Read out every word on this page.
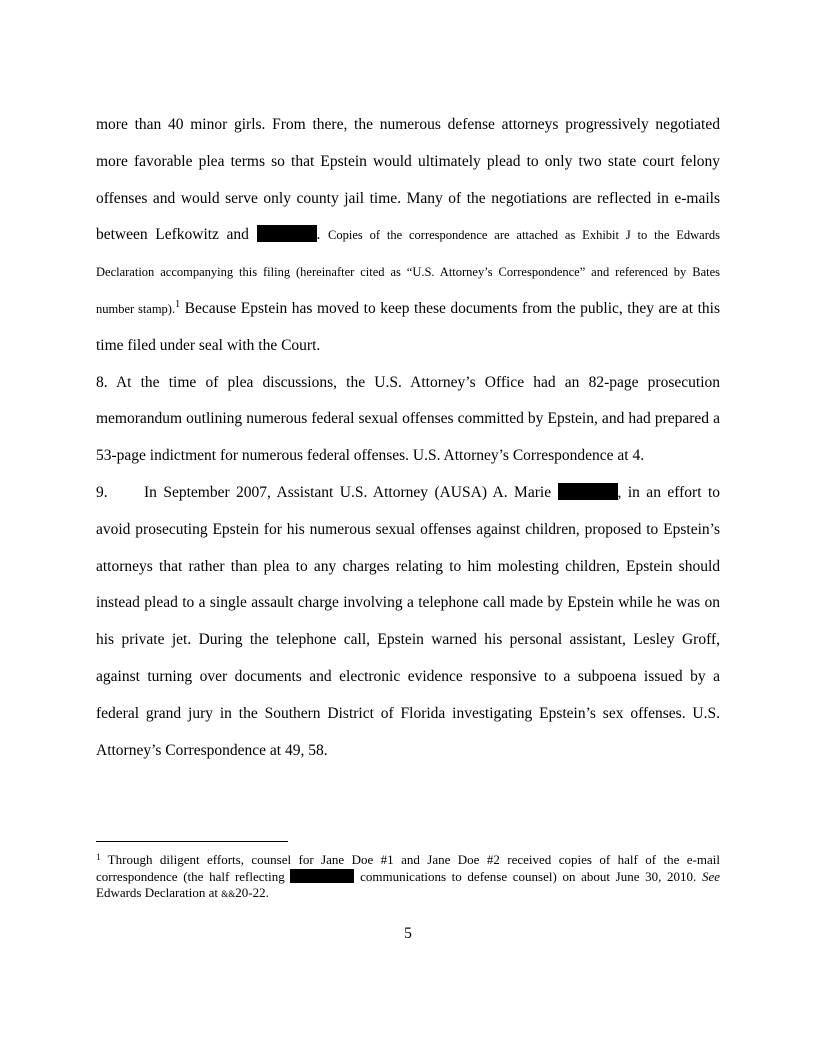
more than 40 minor girls. From there, the numerous defense attorneys progressively negotiated more favorable plea terms so that Epstein would ultimately plead to only two state court felony offenses and would serve only county jail time. Many of the negotiations are reflected in e-mails between Lefkowitz and	. Copies of the correspondence are attached as Exhibit J to the Edwards Declaration accompanying this filing (hereinafter cited as “U.S. Attorney’s Correspondence” and referenced by Bates number stamp).$^1$ Because Epstein has moved to keep these documents from the public, they are at this time filed under seal with the Court.

8. At the time of plea discussions, the U.S. Attorney’s Office had an 82-page prosecution memorandum outlining numerous federal sexual offenses committed by Epstein, and had prepared a 53-page indictment for numerous federal offenses. U.S. Attorney’s Correspondence at 4.

9. In September 2007, Assistant U.S. Attorney (AUSA) A. Marie	, in an effort to avoid prosecuting Epstein for his numerous sexual offenses against children, proposed to Epstein’s attorneys that rather than plea to any charges relating to him molesting children, Epstein should instead plead to a single assault charge involving a telephone call made by Epstein while he was on his private jet. During the telephone call, Epstein warned his personal assistant, Lesley Groff, against turning over documents and electronic evidence responsive to a subpoena issued by a federal grand jury in the Southern District of Florida investigating Epstein’s sex offenses. U.S. Attorney’s Correspondence at 49, 58.

$^1$ Through diligent efforts, counsel for Jane Doe #1 and Jane Doe #2 received copies of half of the e-mail correspondence (the half reflecting	communications to defense counsel) on about June 30, 2010. See Edwards Declaration at &&20-22.
5
